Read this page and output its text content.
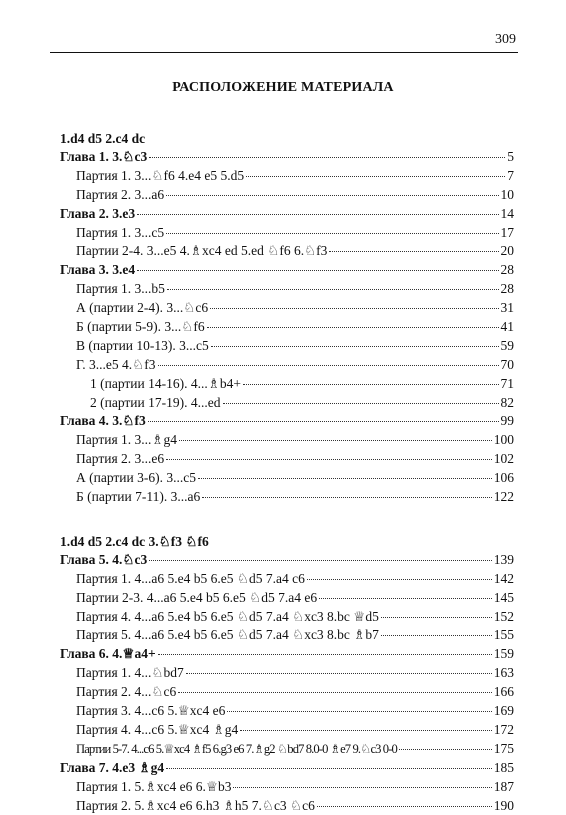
309
РАСПОЛОЖЕНИЕ МАТЕРИАЛА
1.d4 d5 2.c4 dc
Глава 1. 3.♘c3	5
Партия 1. 3...♘f6 4.e4 e5 5.d5	7
Партия 2. 3...a6	10
Глава 2. 3.e3	14
Партия 1. 3...c5	17
Партии 2-4. 3...e5 4.♗xc4 ed 5.ed ♘f6 6.♘f3	20
Глава 3. 3.e4	28
Партия 1. 3...b5	28
А (партии 2-4). 3...♘c6	31
Б (партии 5-9). 3...♘f6	41
В (партии 10-13). 3...c5	59
Г. 3...e5 4.♘f3	70
1 (партии 14-16). 4...♗b4+	71
2 (партии 17-19). 4...ed	82
Глава 4. 3.♘f3	99
Партия 1. 3...♗g4	100
Партия 2. 3...e6	102
А (партии 3-6). 3...c5	106
Б (партии 7-11). 3...a6	122
1.d4 d5 2.c4 dc 3.♘f3 ♘f6
Глава 5. 4.♘c3	139
Партия 1. 4...a6 5.e4 b5 6.e5 ♘d5 7.a4 c6	142
Партии 2-3. 4...a6 5.e4 b5 6.e5 ♘d5 7.a4 e6	145
Партия 4. 4...a6 5.e4 b5 6.e5 ♘d5 7.a4 ♘xc3 8.bc ♕d5	152
Партия 5. 4...a6 5.e4 b5 6.e5 ♘d5 7.a4 ♘xc3 8.bc ♗b7	155
Глава 6. 4.♕a4+	159
Партия 1. 4...♘bd7	163
Партия 2. 4...♘c6	166
Партия 3. 4...c6 5.♕xc4 e6	169
Партия 4. 4...c6 5.♕xc4 ♗g4	172
Партии 5-7. 4...c6 5.♕xc4 ♗f5 6.g3 e6 7.♗g2 ♘bd7 8.0-0 ♗e7 9.♘c3 0-0	175
Глава 7. 4.e3 ♗g4	185
Партия 1. 5.♗xc4 e6 6.♕b3	187
Партия 2. 5.♗xc4 e6 6.h3 ♗h5 7.♘c3 ♘c6	190
